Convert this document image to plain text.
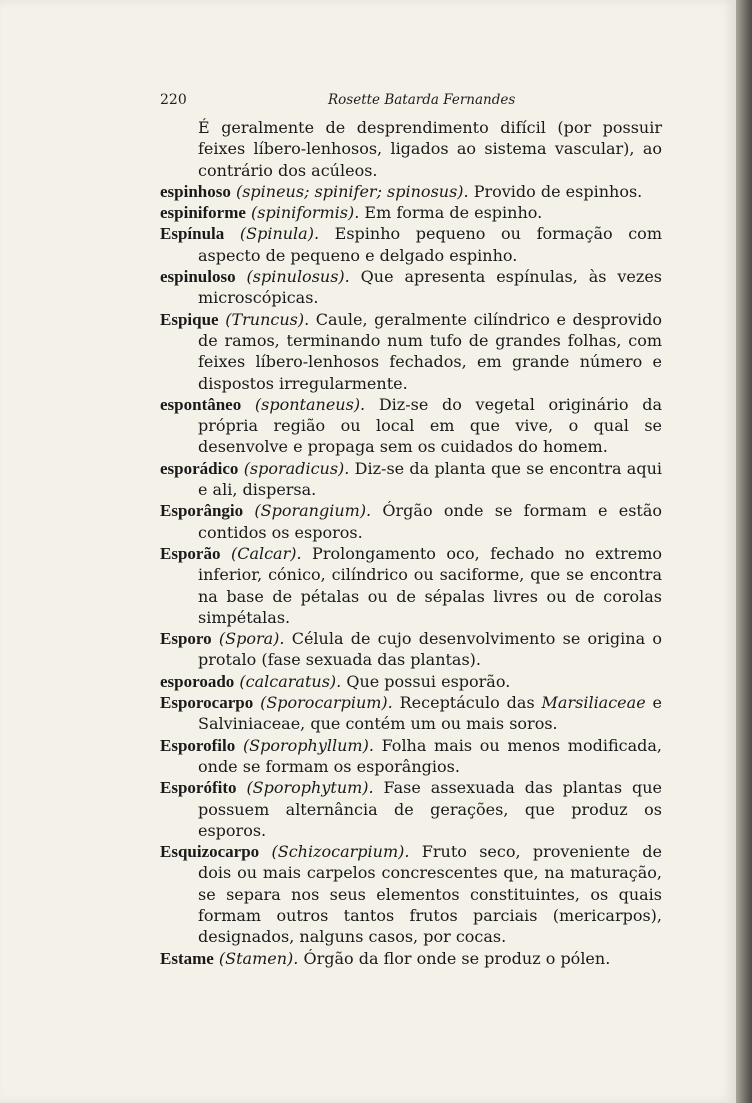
220	Rosette Batarda Fernandes

É geralmente de desprendimento difícil (por possuir feixes líbero-lenhosos, ligados ao sistema vascular), ao contrário dos acúleos.

espinhoso (spineus; spinifer; spinosus). Provido de espinhos.

espiniforme (spiniformis). Em forma de espinho.

Espínula (Spinula). Espinho pequeno ou formação com aspecto de pequeno e delgado espinho.

espinuloso (spinulosus). Que apresenta espínulas, às vezes microscópicas.

Espique (Truncus). Caule, geralmente cilíndrico e desprovido de ramos, terminando num tufo de grandes folhas, com feixes líbero-lenhosos fechados, em grande número e dispostos irregularmente.

espontâneo (spontaneus). Diz-se do vegetal originário da própria região ou local em que vive, o qual se desenvolve e propaga sem os cuidados do homem.

esporádico (sporadicus). Diz-se da planta que se encontra aqui e ali, dispersa.

Esporângio (Sporangium). Órgão onde se formam e estão contidos os esporos.

Esporão (Calcar). Prolongamento oco, fechado no extremo inferior, cónico, cilíndrico ou saciforme, que se encontra na base de pétalas ou de sépalas livres ou de corolas simpétalas.

Esporo (Spora). Célula de cujo desenvolvimento se origina o protalo (fase sexuada das plantas).

esporoado (calcaratus). Que possui esporão.

Esporocarpo (Sporocarpium). Receptáculo das Marsiliaceae e Salviniaceae, que contém um ou mais soros.

Esporofilo (Sporophyllum). Folha mais ou menos modificada, onde se formam os esporângios.

Esporófito (Sporophytum). Fase assexuada das plantas que possuem alternância de gerações, que produz os esporos.

Esquizocarpo (Schizocarpium). Fruto seco, proveniente de dois ou mais carpelos concrescentes que, na maturação, se separa nos seus elementos constituintes, os quais formam outros tantos frutos parciais (mericarpos), designados, nalguns casos, por cocas.

Estame (Stamen). Órgão da flor onde se produz o pólen.
